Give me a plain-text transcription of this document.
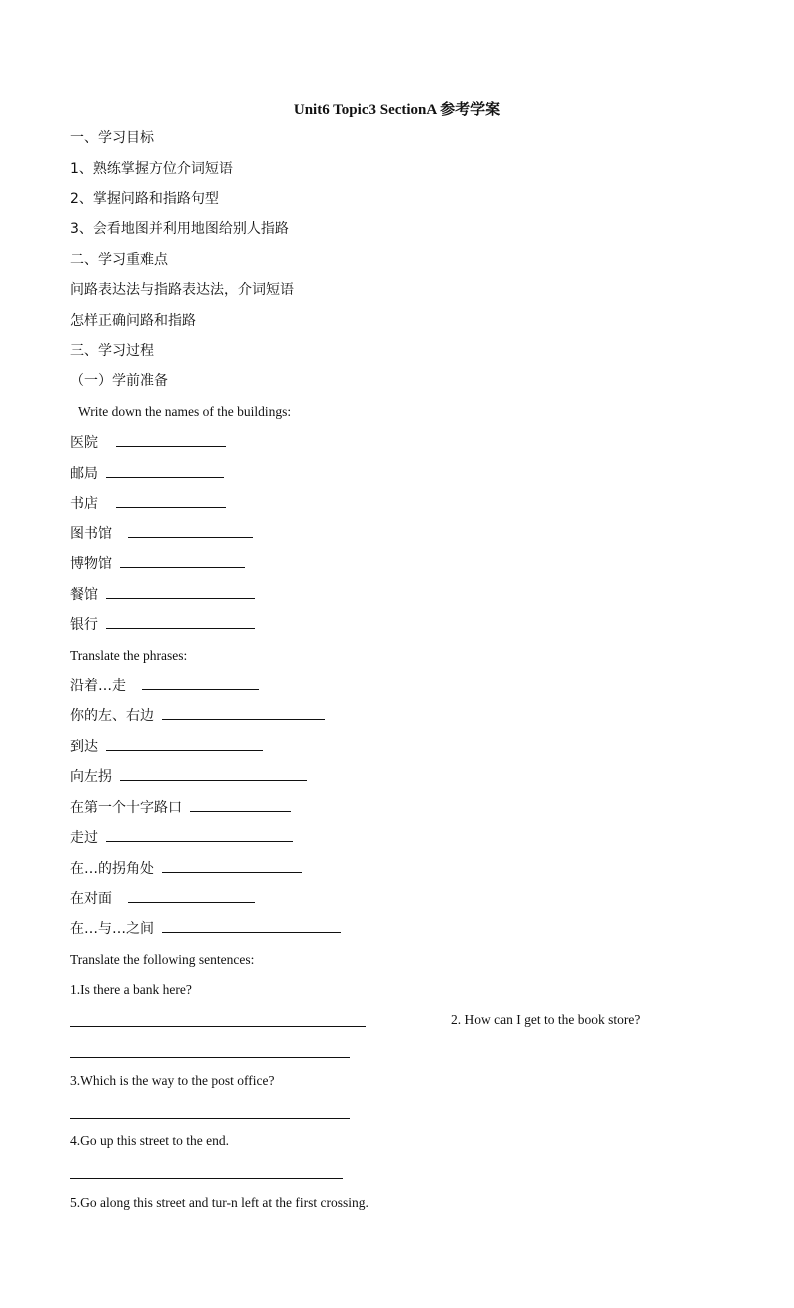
Unit6 Topic3 SectionA 参考学案
一、学习目标
1、熟练掌握方位介词短语
2、掌握问路和指路句型
3、会看地图并利用地图给别人指路
二、学习重难点
问路表达法与指路表达法，介词短语
怎样正确问路和指路
三、学习过程
（一）学前准备
Write down the names of the buildings:
医院
邮局
书店
图书馆
博物馆
餐馆
银行
Translate the phrases:
沿着…走
你的左、右边
到达
向左拐
在第一个十字路口
走过
在…的拐角处
在对面
在…与…之间
Translate the following sentences:
1.Is there a bank here?
2. How can I get to the book store?
3.Which is the way to the post office?
4.Go up this street to the end.
5.Go along this street and tur-n left at the first crossing.
